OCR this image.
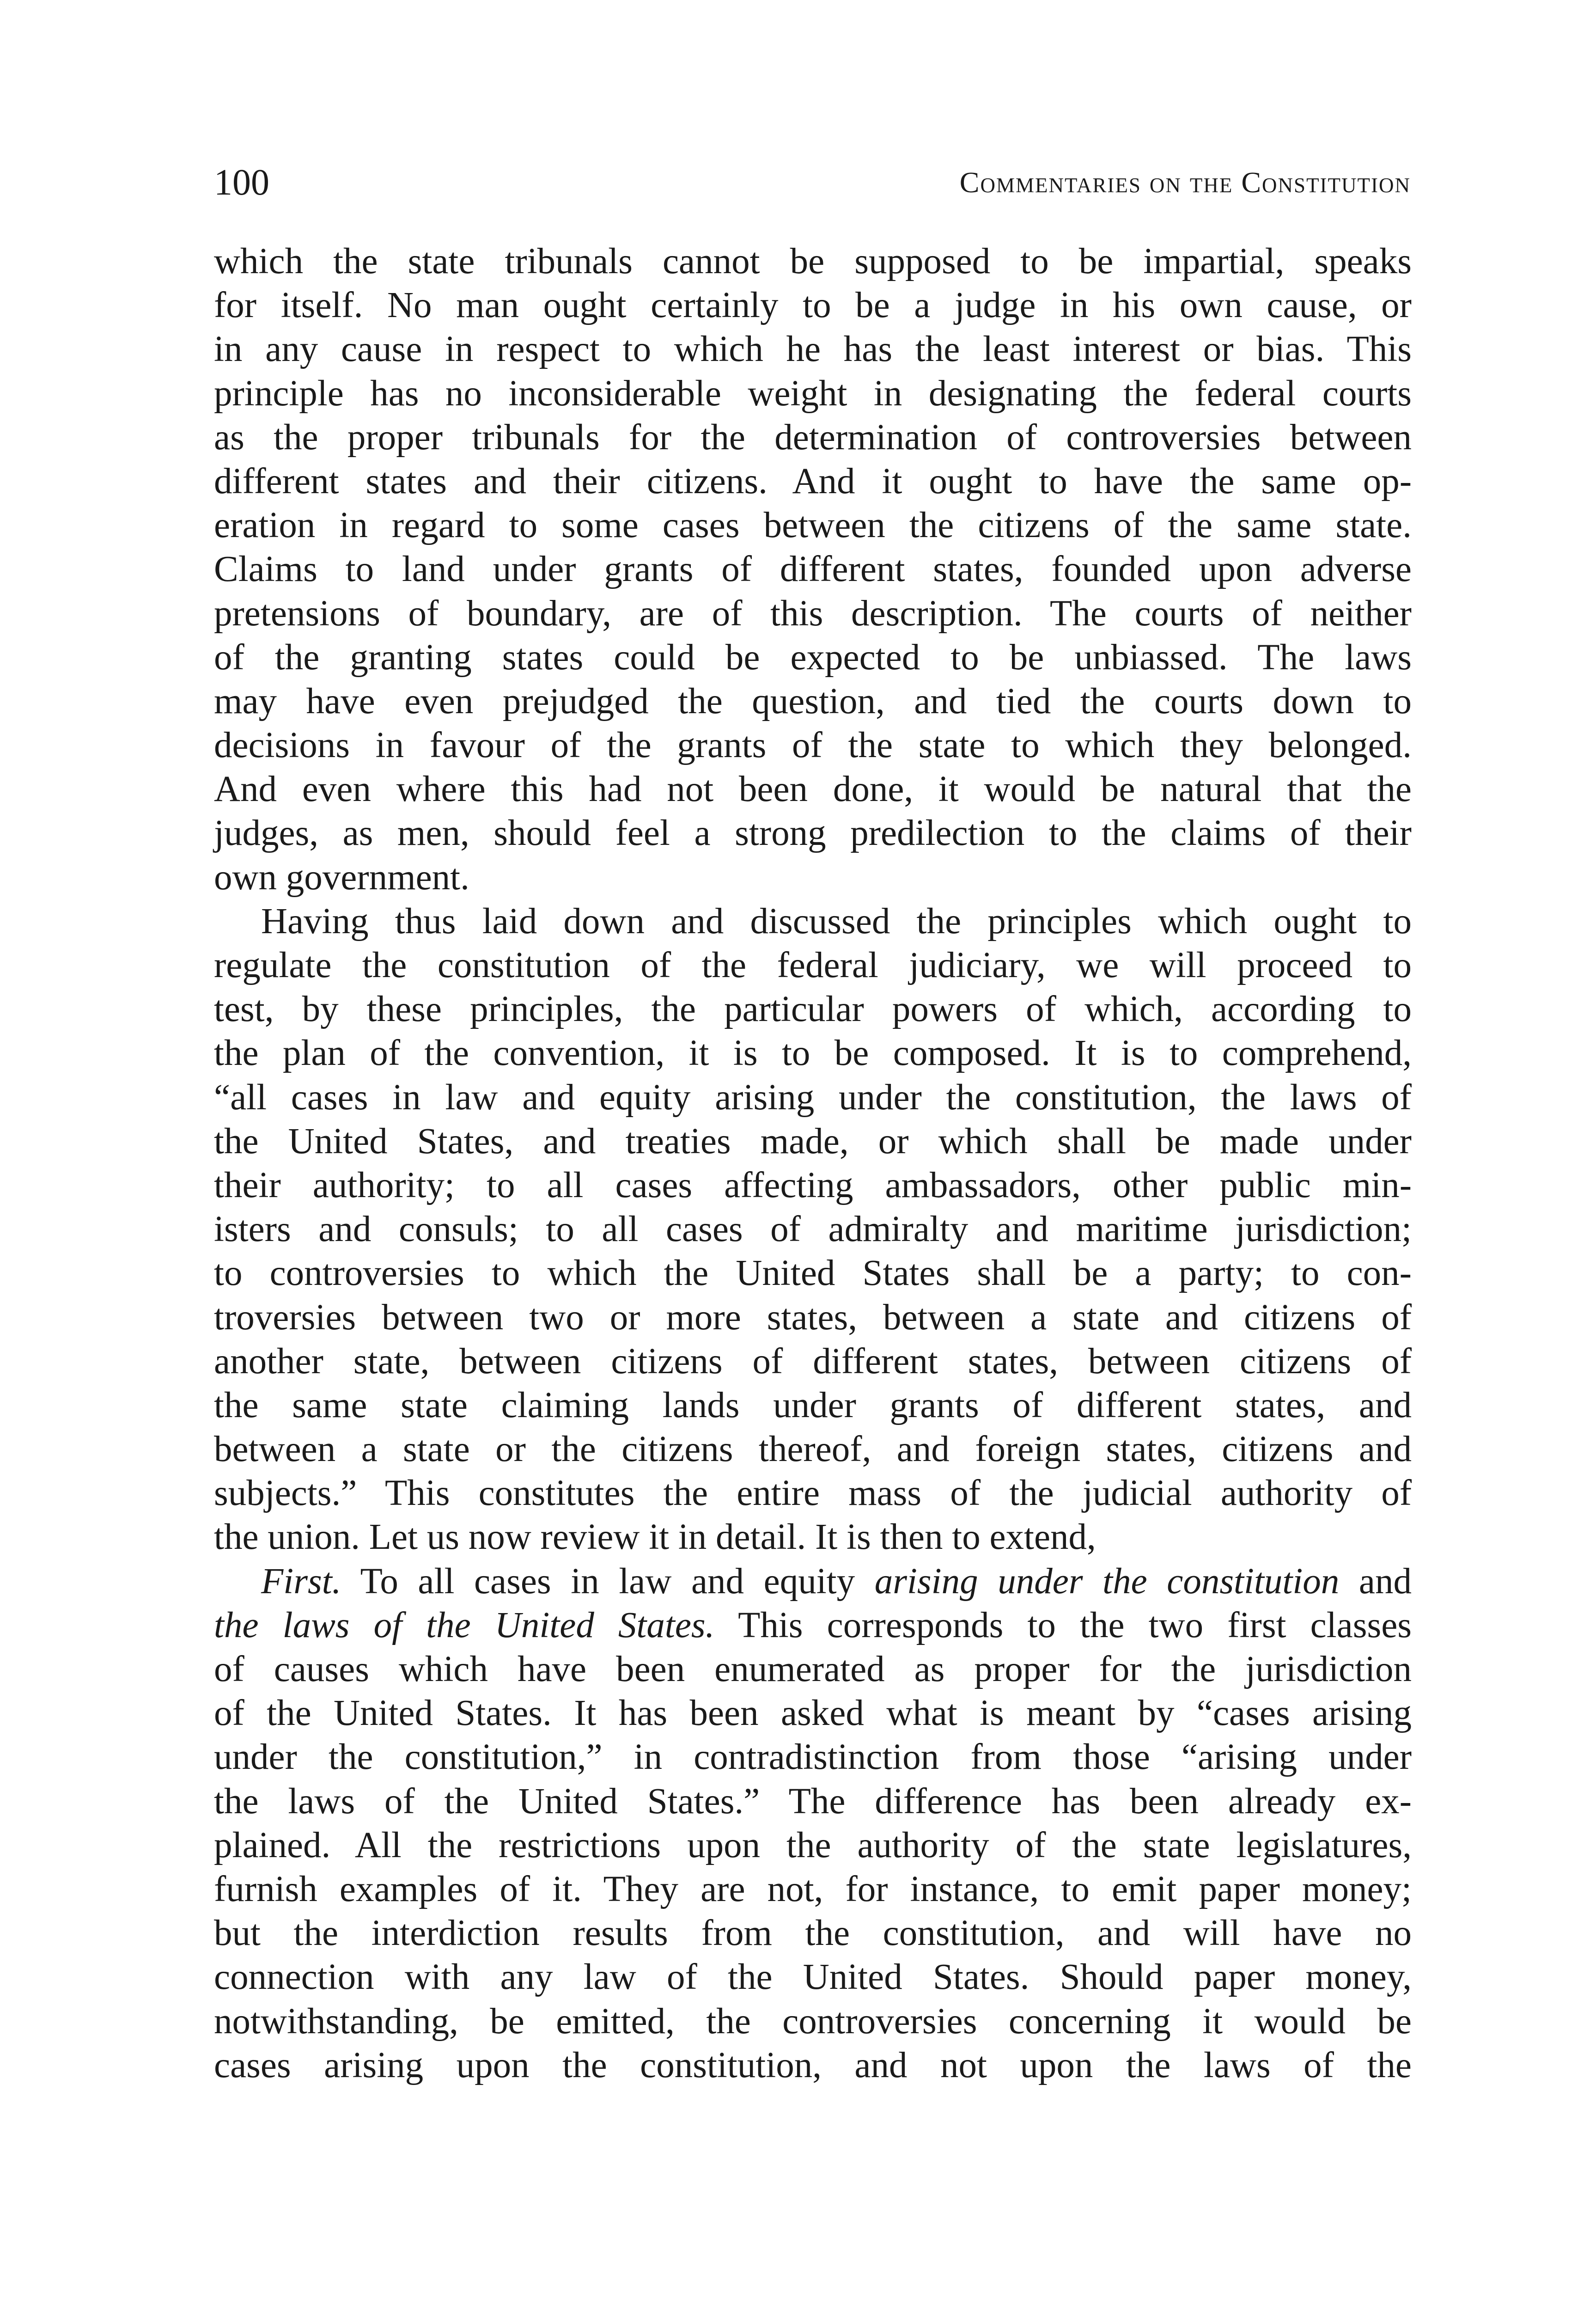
100	Commentaries on the Constitution
which the state tribunals cannot be supposed to be impartial, speaks
for itself. No man ought certainly to be a judge in his own cause, or
in any cause in respect to which he has the least interest or bias. This
principle has no inconsiderable weight in designating the federal courts
as the proper tribunals for the determination of controversies between
different states and their citizens. And it ought to have the same op-
eration in regard to some cases between the citizens of the same state.
Claims to land under grants of different states, founded upon adverse
pretensions of boundary, are of this description. The courts of neither
of the granting states could be expected to be unbiassed. The laws
may have even prejudged the question, and tied the courts down to
decisions in favour of the grants of the state to which they belonged.
And even where this had not been done, it would be natural that the
judges, as men, should feel a strong predilection to the claims of their
own government.
Having thus laid down and discussed the principles which ought to
regulate the constitution of the federal judiciary, we will proceed to
test, by these principles, the particular powers of which, according to
the plan of the convention, it is to be composed. It is to comprehend,
“all cases in law and equity arising under the constitution, the laws of
the United States, and treaties made, or which shall be made under
their authority; to all cases affecting ambassadors, other public min-
isters and consuls; to all cases of admiralty and maritime jurisdiction;
to controversies to which the United States shall be a party; to con-
troversies between two or more states, between a state and citizens of
another state, between citizens of different states, between citizens of
the same state claiming lands under grants of different states, and
between a state or the citizens thereof, and foreign states, citizens and
subjects.” This constitutes the entire mass of the judicial authority of
the union. Let us now review it in detail. It is then to extend,
First. To all cases in law and equity arising under the constitution and
the laws of the United States. This corresponds to the two first classes
of causes which have been enumerated as proper for the jurisdiction
of the United States. It has been asked what is meant by “cases arising
under the constitution,” in contradistinction from those “arising under
the laws of the United States.” The difference has been already ex-
plained. All the restrictions upon the authority of the state legislatures,
furnish examples of it. They are not, for instance, to emit paper money;
but the interdiction results from the constitution, and will have no
connection with any law of the United States. Should paper money,
notwithstanding, be emitted, the controversies concerning it would be
cases arising upon the constitution, and not upon the laws of the
